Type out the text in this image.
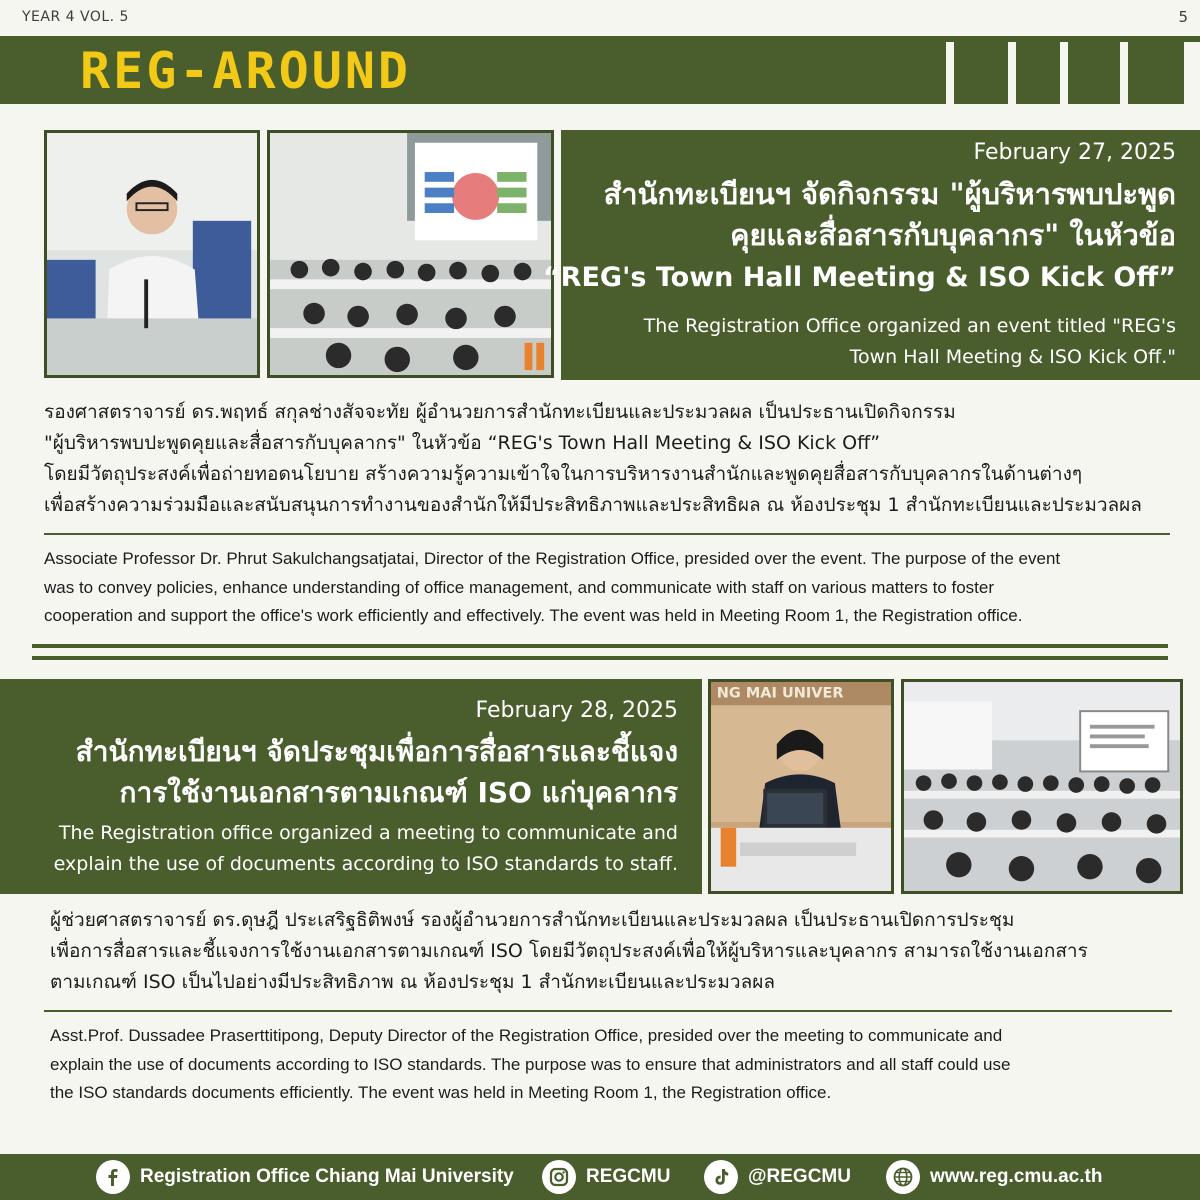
YEAR 4 VOL. 5	5
REG-AROUND
February 27, 2025
สำนักทะเบียนฯ จัดกิจกรรม "ผู้บริหารพบปะพูด
คุยและสื่อสารกับบุคลากร" ในหัวข้อ
“REG's Town Hall Meeting & ISO Kick Off”
The Registration Office organized an event titled "REG's
Town Hall Meeting & ISO Kick Off."
รองศาสตราจารย์ ดร.พฤทธ์ สกุลช่างสัจจะทัย ผู้อำนวยการสำนักทะเบียนและประมวลผล เป็นประธานเปิดกิจกรรม
"ผู้บริหารพบปะพูดคุยและสื่อสารกับบุคลากร" ในหัวข้อ “REG's Town Hall Meeting & ISO Kick Off”
โดยมีวัตถุประสงค์เพื่อถ่ายทอดนโยบาย สร้างความรู้ความเข้าใจในการบริหารงานสำนักและพูดคุยสื่อสารกับบุคลากรในด้านต่างๆ
เพื่อสร้างความร่วมมือและสนับสนุนการทำงานของสำนักให้มีประสิทธิภาพและประสิทธิผล ณ ห้องประชุม 1 สำนักทะเบียนและประมวลผล
Associate Professor Dr. Phrut Sakulchangsatjatai, Director of the Registration Office, presided over the event. The purpose of the event
was to convey policies, enhance understanding of office management, and communicate with staff on various matters to foster
cooperation and support the office's work efficiently and effectively. The event was held in Meeting Room 1, the Registration office.
February 28, 2025
สำนักทะเบียนฯ จัดประชุมเพื่อการสื่อสารและชี้แจง
การใช้งานเอกสารตามเกณฑ์ ISO แก่บุคลากร
The Registration office organized a meeting to communicate and
explain the use of documents according to ISO standards to staff.
NG MAI UNIVER
ผู้ช่วยศาสตราจารย์ ดร.ดุษฎี ประเสริฐธิติพงษ์ รองผู้อำนวยการสำนักทะเบียนและประมวลผล เป็นประธานเปิดการประชุม
เพื่อการสื่อสารและชี้แจงการใช้งานเอกสารตามเกณฑ์ ISO โดยมีวัตถุประสงค์เพื่อให้ผู้บริหารและบุคลากร สามารถใช้งานเอกสาร
ตามเกณฑ์ ISO เป็นไปอย่างมีประสิทธิภาพ ณ ห้องประชุม 1 สำนักทะเบียนและประมวลผล
Asst.Prof. Dussadee Praserttitipong, Deputy Director of the Registration Office, presided over the meeting to communicate and
explain the use of documents according to ISO standards. The purpose was to ensure that administrators and all staff could use
the ISO standards documents efficiently. The event was held in Meeting Room 1, the Registration office.
Registration Office Chiang Mai University	REGCMU	@REGCMU	www.reg.cmu.ac.th
